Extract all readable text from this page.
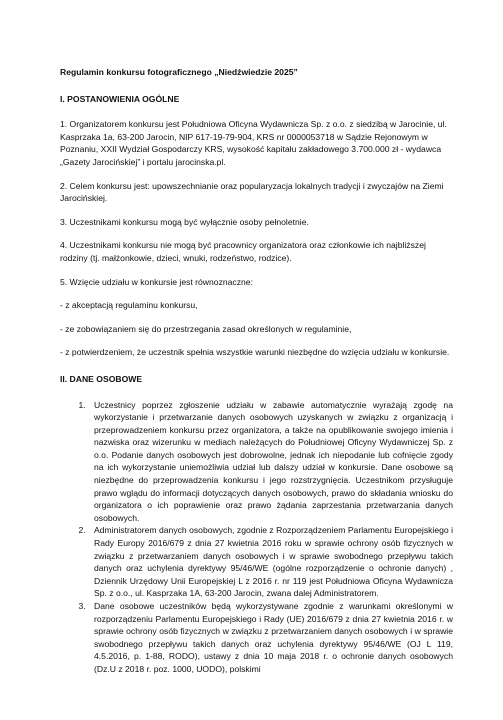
Regulamin konkursu fotograficznego „Niedźwiedzie 2025”

I. POSTANOWIENIA OGÓLNE

1. Organizatorem konkursu jest Południowa Oficyna Wydawnicza Sp. z o.o. z siedzibą w Jarocinie, ul. Kasprzaka 1a, 63-200 Jarocin, NIP 617-19-79-904, KRS nr 0000053718 w Sądzie Rejonowym w Poznaniu, XXII Wydział Gospodarczy KRS, wysokość kapitału zakładowego 3.700.000 zł - wydawca „Gazety Jarocińskiej” i portalu jarocinska.pl.

2. Celem konkursu jest: upowszechnianie oraz popularyzacja lokalnych tradycji i zwyczajów na Ziemi Jarocińskiej.

3. Uczestnikami konkursu mogą być wyłącznie osoby pełnoletnie.

4. Uczestnikami konkursu nie mogą być pracownicy organizatora oraz członkowie ich najbliższej rodziny (tj. małżonkowie, dzieci, wnuki, rodzeństwo, rodzice).

5. Wzięcie udziału w konkursie jest równoznaczne:

- z akceptacją regulaminu konkursu,

- ze zobowiązaniem się do przestrzegania zasad określonych w regulaminie,

- z potwierdzeniem, że uczestnik spełnia wszystkie warunki niezbędne do wzięcia udziału w konkursie.

II. DANE OSOBOWE

1. Uczestnicy poprzez zgłoszenie udziału w zabawie automatycznie wyrażają zgodę na wykorzystanie i przetwarzanie danych osobowych uzyskanych w związku z organizacją i przeprowadzeniem konkursu przez organizatora, a także na opublikowanie swojego imienia i nazwiska oraz wizerunku w mediach należących do Południowej Oficyny Wydawniczej Sp. z o.o. Podanie danych osobowych jest dobrowolne, jednak ich niepodanie lub cofnięcie zgody na ich wykorzystanie uniemożliwia udział lub dalszy udział w konkursie. Dane osobowe są niezbędne do przeprowadzenia konkursu i jego rozstrzygnięcia. Uczestnikom przysługuje prawo wglądu do informacji dotyczących danych osobowych, prawo do składania wniosku do organizatora o ich poprawienie oraz prawo żądania zaprzestania przetwarzania danych osobowych.
2. Administratorem danych osobowych, zgodnie z Rozporządzeniem Parlamentu Europejskiego i Rady Europy 2016/679 z dnia 27 kwietnia 2016 roku w sprawie ochrony osób fizycznych w związku z przetwarzaniem danych osobowych i w sprawie swobodnego przepływu takich danych oraz uchylenia dyrektywy 95/46/WE (ogólne rozporządzenie o ochronie danych) , Dziennik Urzędowy Unii Europejskiej L z 2016 r. nr 119 jest Południowa Oficyna Wydawnicza Sp. z o.o., ul. Kasprzaka 1A, 63-200 Jarocin, zwana dalej Administratorem.
3. Dane osobowe uczestników będą wykorzystywane zgodnie z warunkami określonymi w rozporządzeniu Parlamentu Europejskiego i Rady (UE) 2016/679 z dnia 27 kwietnia 2016 r. w sprawie ochrony osób fizycznych w związku z przetwarzaniem danych osobowych i w sprawie swobodnego przepływu takich danych oraz uchylenia dyrektywy 95/46/WE (OJ L 119, 4.5.2016, p. 1-88, RODO), ustawy z dnia 10 maja 2018 r. o ochronie danych osobowych (Dz.U z 2018 r. poz. 1000, UODO), polskimi
